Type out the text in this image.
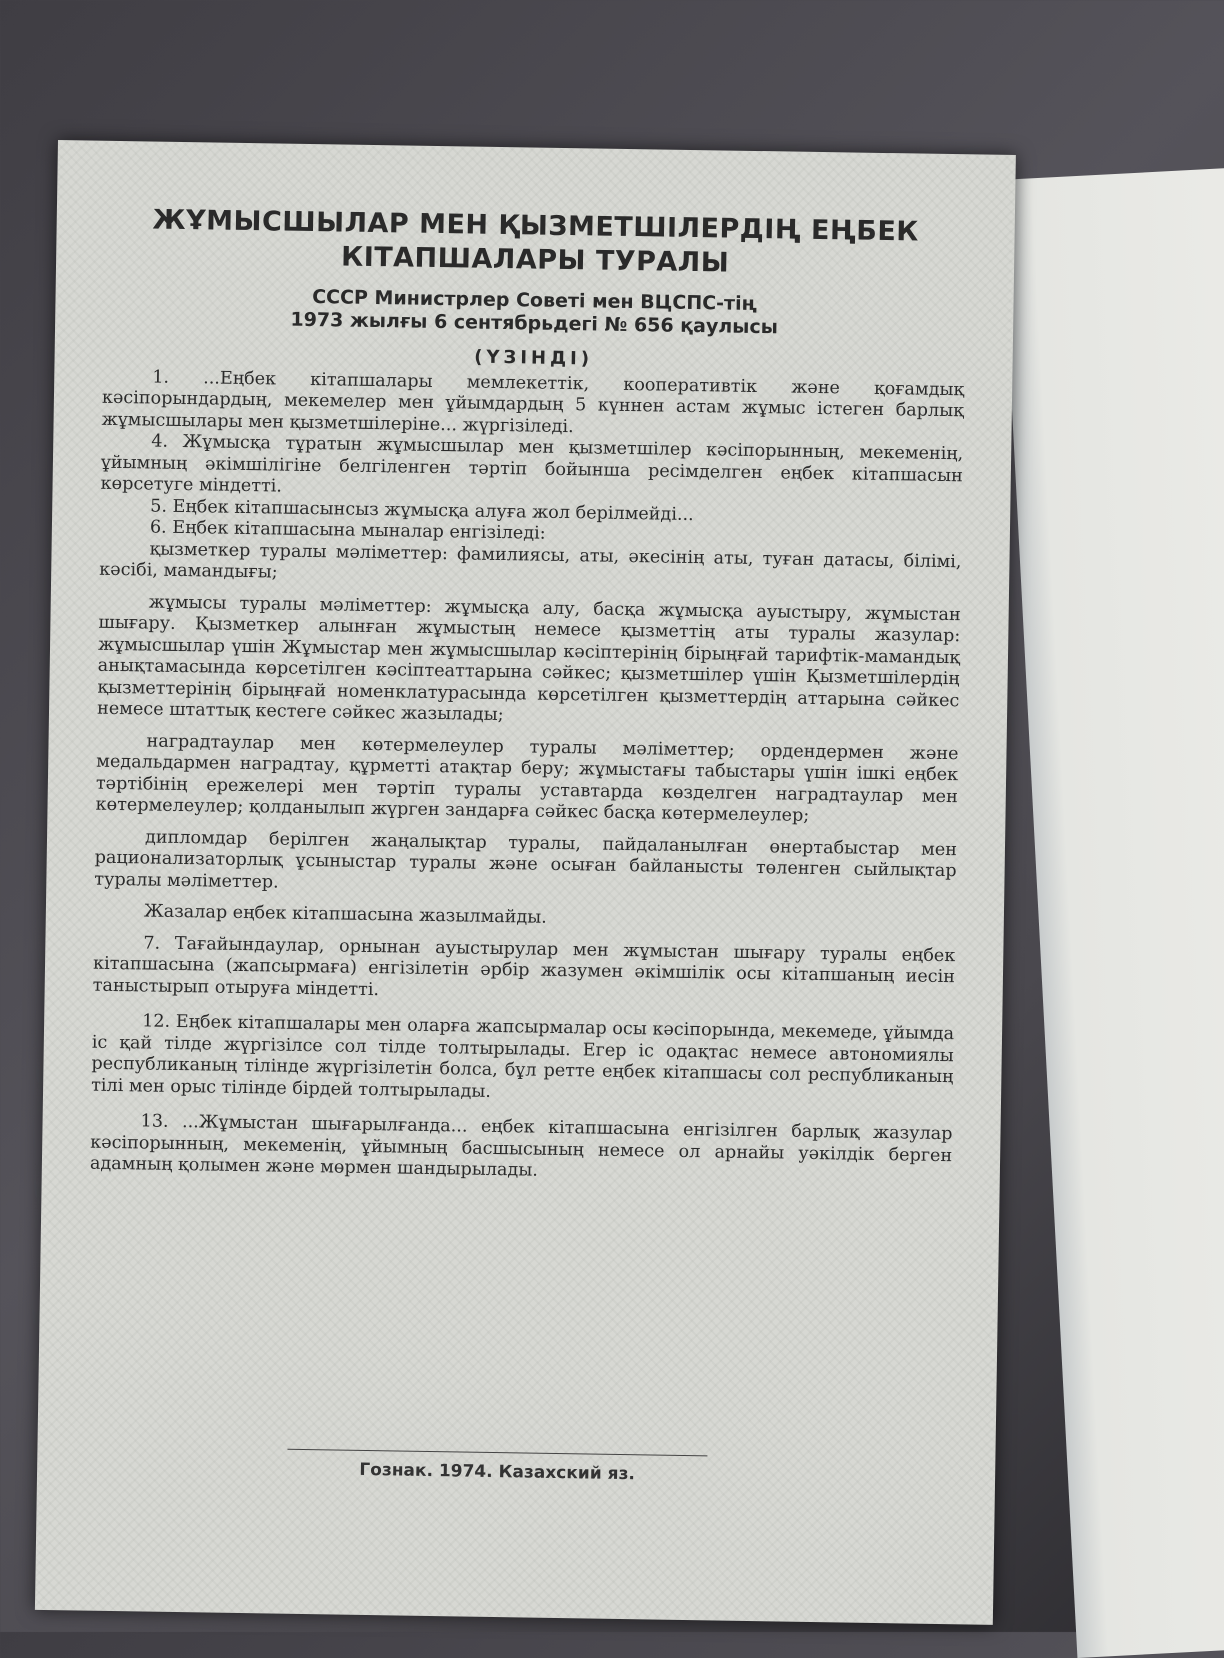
ЖҰМЫСШЫЛАР МЕН ҚЫЗМЕТШІЛЕРДІҢ ЕҢБЕК
КІТАПШАЛАРЫ ТУРАЛЫ
СССР Министрлер Советі мен ВЦСПС-тің
1973 жылғы 6 сентябрьдегі № 656 қаулысы
(ҮЗІНДІ)

1. ...Еңбек кітапшалары мемлекеттік, кооперативтік және қоғамдық кәсіпорындардың, мекемелер мен ұйымдардың 5 күннен астам жұмыс істеген барлық жұмысшылары мен қызметшілеріне... жүргізіледі.

4. Жұмысқа тұратын жұмысшылар мен қызметшілер кәсіпорынның, мекеменің, ұйымның әкімшілігіне белгіленген тәртіп бойынша ресімделген еңбек кітапшасын көрсетуге міндетті.

5. Еңбек кітапшасынсыз жұмысқа алуға жол берілмейді...

6. Еңбек кітапшасына мыналар енгізіледі:

қызметкер туралы мәліметтер: фамилиясы, аты, әкесінің аты, туған датасы, білімі, кәсібі, мамандығы;

жұмысы туралы мәліметтер: жұмысқа алу, басқа жұмысқа ауыстыру, жұмыстан шығару. Қызметкер алынған жұмыстың немесе қызметтің аты туралы жазулар: жұмысшылар үшін Жұмыстар мен жұмысшылар кәсіптерінің бірыңғай тарифтік-мамандық анықтамасында көрсетілген кәсіптеаттарына сәйкес; қызметшілер үшін Қызметшілердің қызметтерінің бірыңғай номенклатурасында көрсетілген қызметтердің аттарына сәйкес немесе штаттық кестеге сәйкес жазылады;

наградтаулар мен көтермелеулер туралы мәліметтер; ордендермен және медальдармен наградтау, құрметті атақтар беру; жұмыстағы табыстары үшін ішкі еңбек тәртібінің ережелері мен тәртіп туралы уставтарда көзделген наградтаулар мен көтермелеулер; қолданылып жүрген зандарға сәйкес басқа көтермелеулер;

дипломдар берілген жаңалықтар туралы, пайдаланылған өнертабыстар мен рационализаторлық ұсыныстар туралы және осыған байланысты төленген сыйлықтар туралы мәліметтер.

Жазалар еңбек кітапшасына жазылмайды.

7. Тағайындаулар, орнынан ауыстырулар мен жұмыстан шығару туралы еңбек кітапшасына (жапсырмаға) енгізілетін әрбір жазумен әкімшілік осы кітапшаның иесін таныстырып отыруға міндетті.

12. Еңбек кітапшалары мен оларға жапсырмалар осы кәсіпорында, мекемеде, ұйымда іс қай тілде жүргізілсе сол тілде толтырылады. Егер іс одақтас немесе автономиялы республиканың тілінде жүргізілетін болса, бұл ретте еңбек кітапшасы сол республиканың тілі мен орыс тілінде бірдей толтырылады.

13. ...Жұмыстан шығарылғанда... еңбек кітапшасына енгізілген барлық жазулар кәсіпорынның, мекеменің, ұйымның басшысының немесе ол арнайы уәкілдік берген адамның қолымен және мөрмен шандырылады.

Гознак. 1974. Казахский яз.
